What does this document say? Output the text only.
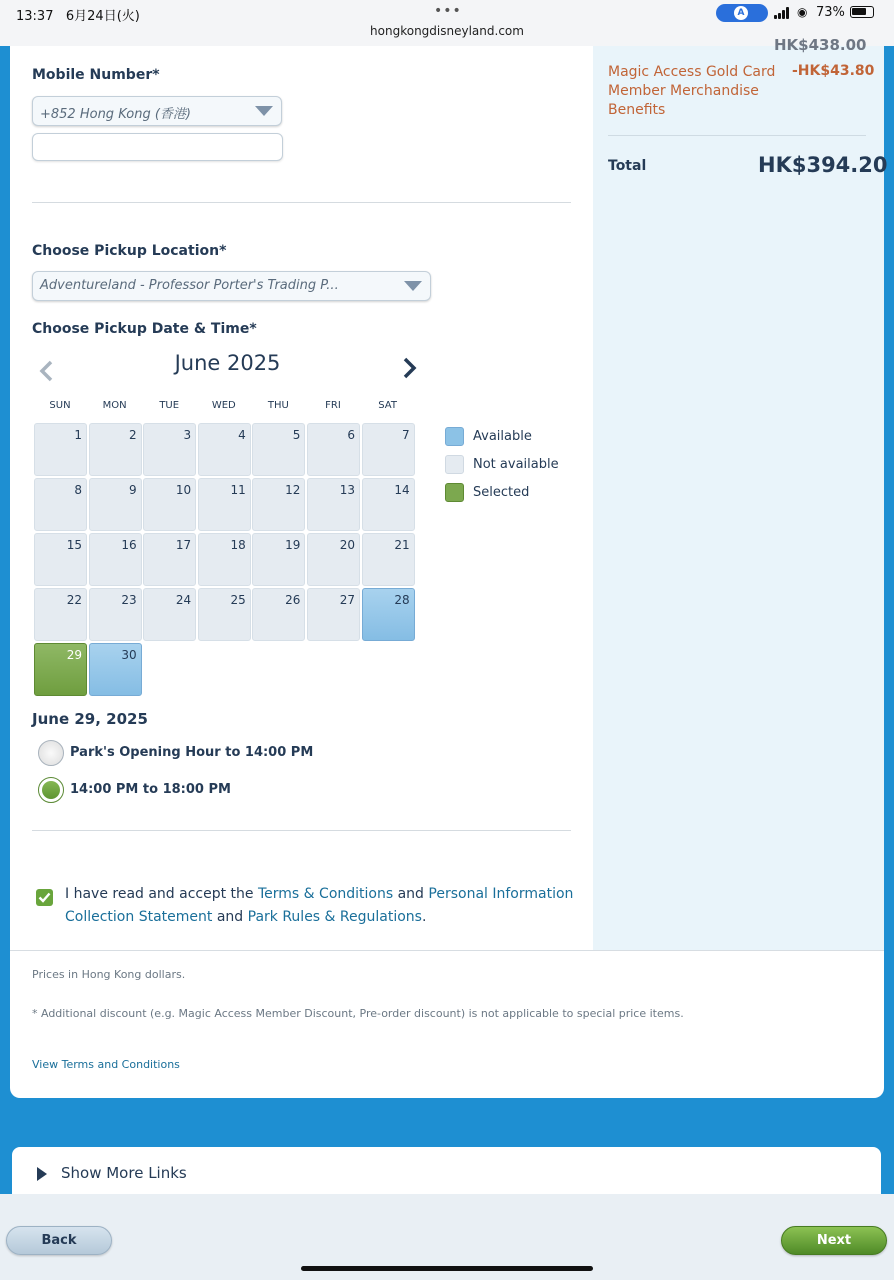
13:37 6月24日(火)	•••
hongkongdisneyland.com
A	◉ 73%
HK$438.00
Magic Access Gold Card Member Merchandise Benefits
-HK$43.80
Total	HK$394.20
Mobile Number*
+852 Hong Kong (香港)
Choose Pickup Location*
Adventureland - Professor Porter's Trading P...
Choose Pickup Date & Time*
June 2025
SUN	MON	TUE	WED	THU	FRI	SAT
1	2	3	4	5	6	7
8	9	10	11	12	13	14
15	16	17	18	19	20	21
22	23	24	25	26	27	28
29	30
Available
Not available
Selected
June 29, 2025
Park's Opening Hour to 14:00 PM
14:00 PM to 18:00 PM
I have read and accept the Terms & Conditions and Personal Information Collection Statement and Park Rules & Regulations.
Prices in Hong Kong dollars.
* Additional discount (e.g. Magic Access Member Discount, Pre-order discount) is not applicable to special price items.
View Terms and Conditions
Show More Links
Back	Next
